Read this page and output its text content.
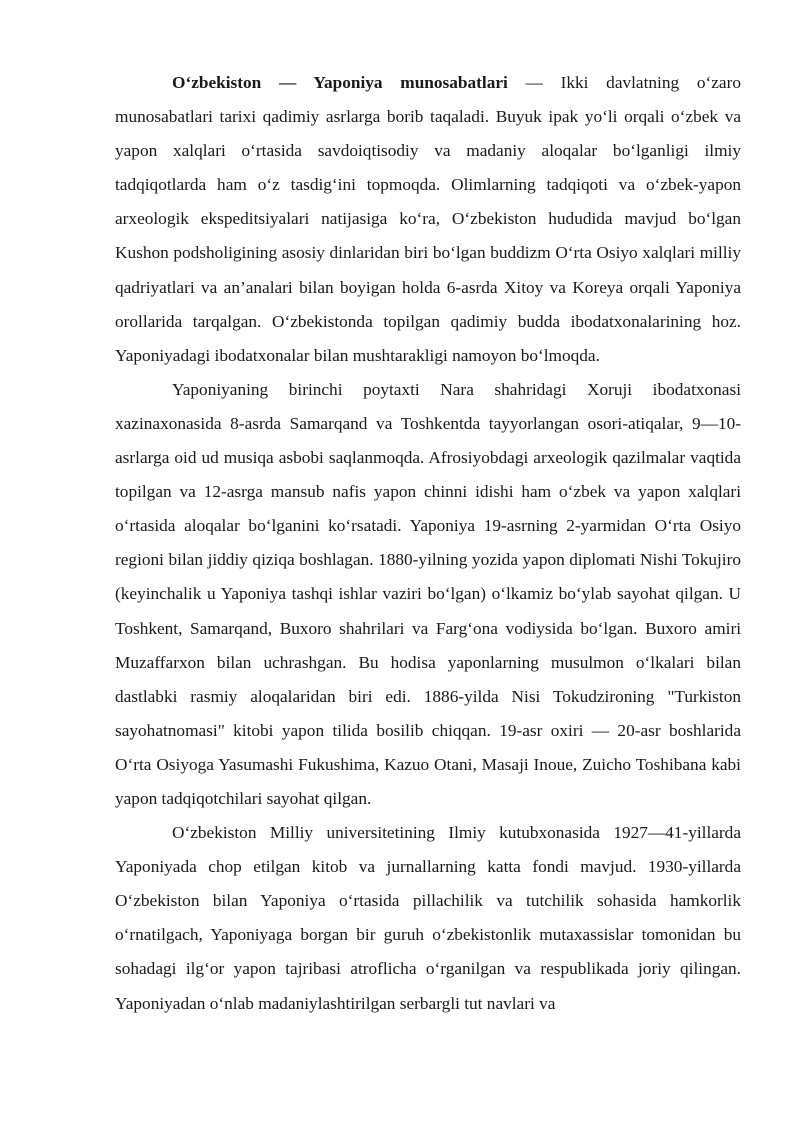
O‘zbekiston — Yaponiya munosabatlari — Ikki davlatning o‘zaro munosabatlari tarixi qadimiy asrlarga borib taqaladi. Buyuk ipak yo‘li orqali o‘zbek va yapon xalqlari o‘rtasida savdoiqtisodiy va madaniy aloqalar bo‘lganligi ilmiy tadqiqotlarda ham o‘z tasdig‘ini topmoqda. Olimlarning tadqiqoti va o‘zbek-yapon arxeologik ekspeditsiyalari natijasiga ko‘ra, O‘zbekiston hududida mavjud bo‘lgan Kushon podsholigining asosiy dinlaridan biri bo‘lgan buddizm O‘rta Osiyo xalqlari milliy qadriyatlari va an’analari bilan boyigan holda 6-asrda Xitoy va Koreya orqali Yaponiya orollarida tarqalgan. O‘zbekistonda topilgan qadimiy budda ibodatxonalarining hoz. Yaponiyadagi ibodatxonalar bilan mushtarakligi namoyon bo‘lmoqda.

Yaponiyaning birinchi poytaxti Nara shahridagi Xoruji ibodatxonasi xazinaxonasida 8-asrda Samarqand va Toshkentda tayyorlangan osori-atiqalar, 9—10-asrlarga oid ud musiqa asbobi saqlanmoqda. Afrosiyobdagi arxeologik qazilmalar vaqtida topilgan va 12-asrga mansub nafis yapon chinni idishi ham o‘zbek va yapon xalqlari o‘rtasida aloqalar bo‘lganini ko‘rsatadi. Yaponiya 19-asrning 2-yarmidan O‘rta Osiyo regioni bilan jiddiy qiziqa boshlagan. 1880-yilning yozida yapon diplomati Nishi Tokujiro (keyinchalik u Yaponiya tashqi ishlar vaziri bo‘lgan) o‘lkamiz bo‘ylab sayohat qilgan. U Toshkent, Samarqand, Buxoro shahrilari va Farg‘ona vodiysida bo‘lgan. Buxoro amiri Muzaffarxon bilan uchrashgan. Bu hodisa yaponlarning musulmon o‘lkalari bilan dastlabki rasmiy aloqalaridan biri edi. 1886-yilda Nisi Tokudzironing "Turkiston sayohatnomasi" kitobi yapon tilida bosilib chiqqan. 19-asr oxiri — 20-asr boshlarida O‘rta Osiyoga Yasumashi Fukushima, Kazuo Otani, Masaji Inoue, Zuicho Toshibana kabi yapon tadqiqotchilari sayohat qilgan.

O‘zbekiston Milliy universitetining Ilmiy kutubxonasida 1927—41-yillarda Yaponiyada chop etilgan kitob va jurnallarning katta fondi mavjud. 1930-yillarda O‘zbekiston bilan Yaponiya o‘rtasida pillachilik va tutchilik sohasida hamkorlik o‘rnatilgach, Yaponiyaga borgan bir guruh o‘zbekistonlik mutaxassislar tomonidan bu sohadagi ilg‘or yapon tajribasi atroflicha o‘rganilgan va respublikada joriy qilingan. Yaponiyadan o‘nlab madaniylashtirilgan serbargli tut navlari va
